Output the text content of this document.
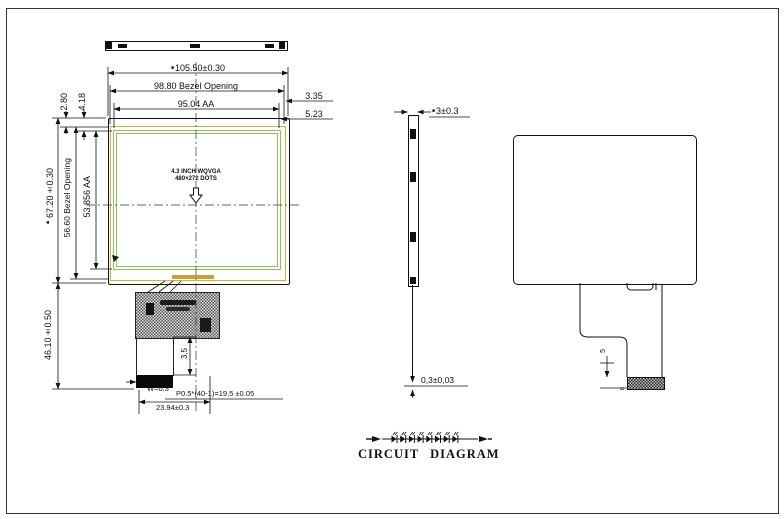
■105.50±0.30
98.80 Bezel Opening
95.04 AA
3.35
5.23
2.80 4.18
■67.20±0.30 56.60 Bezel Opening 53.856 AA
46.10±0.50
4.3 INCH WQVGA
480×272 DOTS
3,5
W=0.3
P0.5*(40-1)=19,5 ±0.05
23.94±0.3
■3±0.3
0,3±0,03
5
8
CIRCUIT DIAGRAM
